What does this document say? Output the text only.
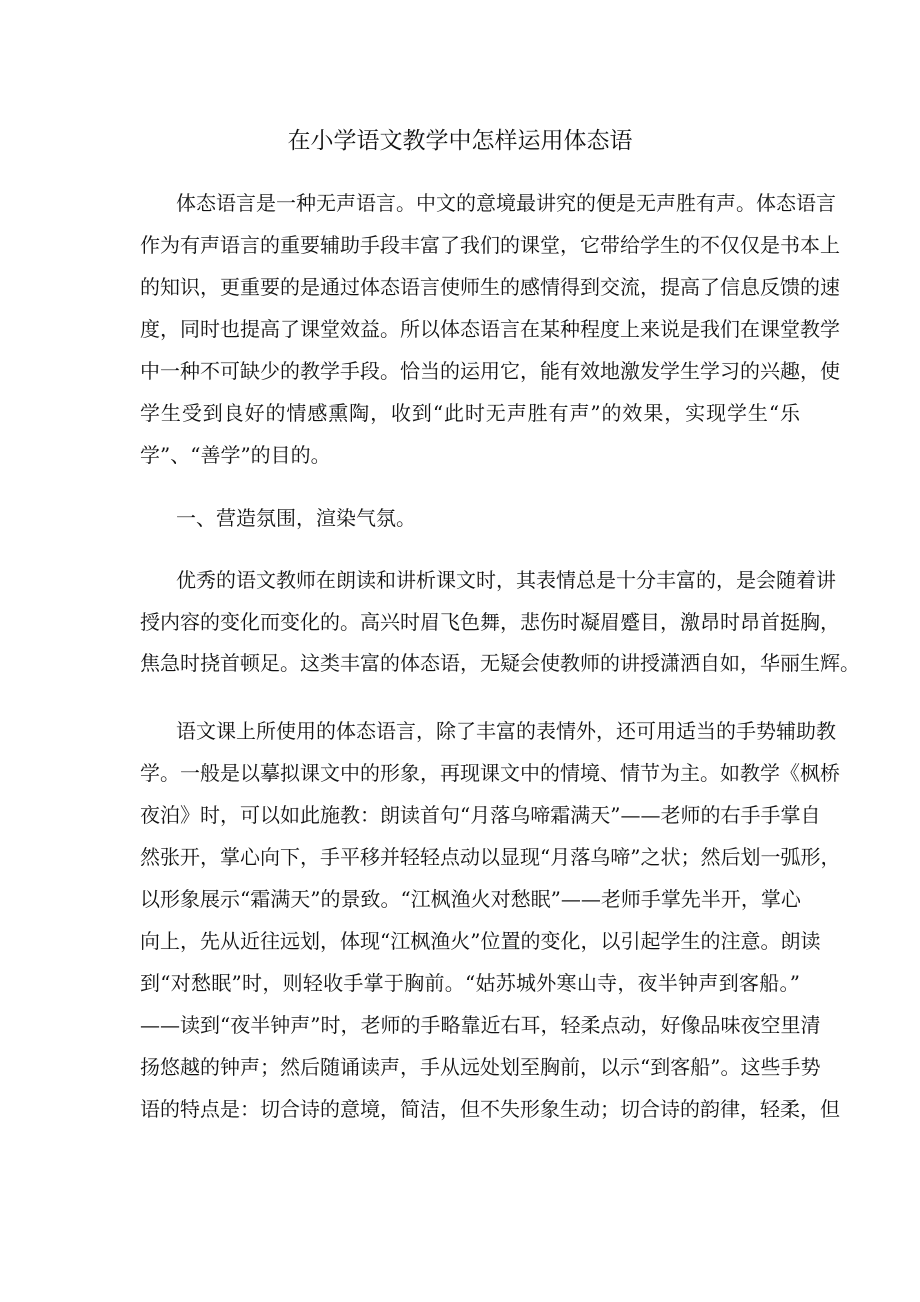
在小学语文教学中怎样运用体态语
体态语言是一种无声语言。中文的意境最讲究的便是无声胜有声。体态语言
作为有声语言的重要辅助手段丰富了我们的课堂，它带给学生的不仅仅是书本上
的知识，更重要的是通过体态语言使师生的感情得到交流，提高了信息反馈的速
度，同时也提高了课堂效益。所以体态语言在某种程度上来说是我们在课堂教学
中一种不可缺少的教学手段。恰当的运用它，能有效地激发学生学习的兴趣，使
学生受到良好的情感熏陶，收到“此时无声胜有声”的效果，实现学生“乐
学”、“善学”的目的。
一、营造氛围，渲染气氛。
优秀的语文教师在朗读和讲析课文时，其表情总是十分丰富的，是会随着讲
授内容的变化而变化的。高兴时眉飞色舞，悲伤时凝眉蹙目，激昂时昂首挺胸，
焦急时挠首顿足。这类丰富的体态语，无疑会使教师的讲授潇洒自如，华丽生辉。
语文课上所使用的体态语言，除了丰富的表情外，还可用适当的手势辅助教
学。一般是以摹拟课文中的形象，再现课文中的情境、情节为主。如教学《枫桥
夜泊》时，可以如此施教：朗读首句“月落乌啼霜满天”——老师的右手手掌自
然张开，掌心向下，手平移并轻轻点动以显现“月落乌啼”之状；然后划一弧形，
以形象展示“霜满天”的景致。“江枫渔火对愁眠”——老师手掌先半开，掌心
向上，先从近往远划，体现“江枫渔火”位置的变化，以引起学生的注意。朗读
到“对愁眠”时，则轻收手掌于胸前。“姑苏城外寒山寺，夜半钟声到客船。”
——读到“夜半钟声”时，老师的手略靠近右耳，轻柔点动，好像品味夜空里清
扬悠越的钟声；然后随诵读声，手从远处划至胸前，以示“到客船”。这些手势
语的特点是：切合诗的意境，简洁，但不失形象生动；切合诗的韵律，轻柔，但
